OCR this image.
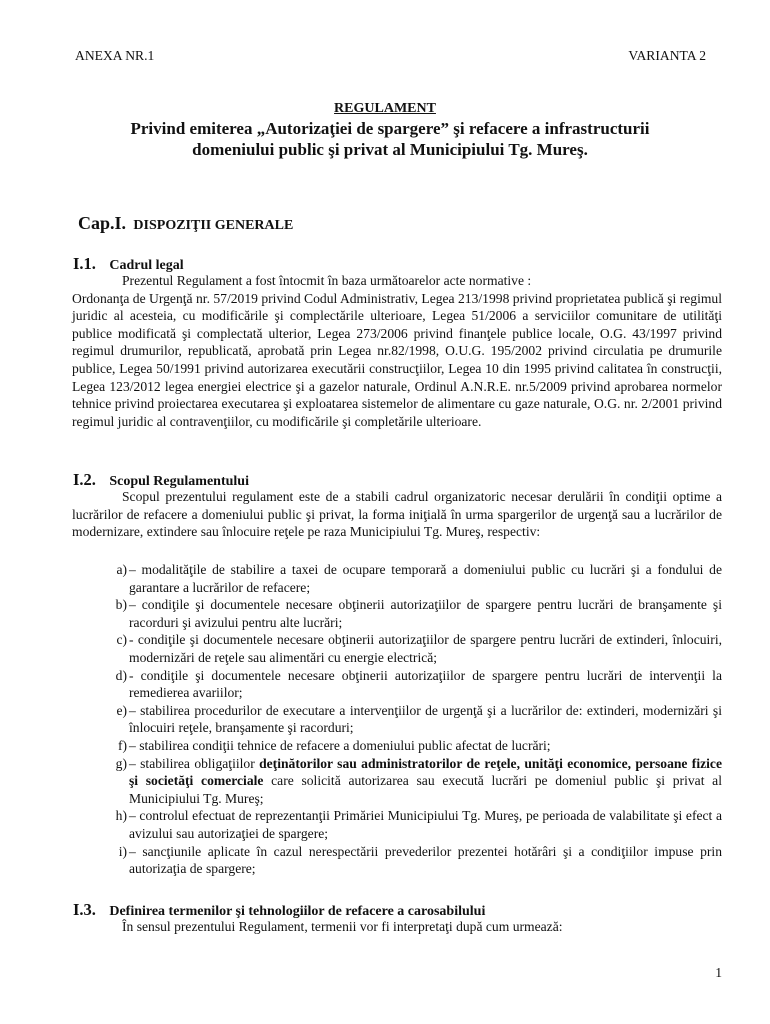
ANEXA NR.1	VARIANTA 2
REGULAMENT
Privind emiterea „Autorizaţiei de spargere” şi refacere a infrastructurii
domeniului public şi privat al Municipiului Tg. Mureş.
Cap.I. DISPOZIŢII GENERALE
I.1. Cadrul legal

Prezentul Regulament a fost întocmit în baza următoarelor acte normative :

Ordonanţa de Urgenţă nr. 57/2019 privind Codul Administrativ, Legea 213/1998 privind proprietatea publică şi regimul juridic al acesteia, cu modificările şi complectările ulterioare, Legea 51/2006 a serviciilor comunitare de utilităţi publice modificată şi complectată ulterior, Legea 273/2006 privind finanţele publice locale, O.G. 43/1997 privind regimul drumurilor, republicată, aprobată prin Legea nr.82/1998, O.U.G. 195/2002 privind circulatia pe drumurile publice, Legea 50/1991 privind autorizarea executării construcţiilor, Legea 10 din 1995 privind calitatea în construcţii, Legea 123/2012 legea energiei electrice şi a gazelor naturale, Ordinul A.N.R.E. nr.5/2009 privind aprobarea normelor tehnice privind proiectarea executarea şi exploatarea sistemelor de alimentare cu gaze naturale, O.G. nr. 2/2001 privind regimul juridic al contravenţiilor, cu modificările şi completările ulterioare.

I.2. Scopul Regulamentului

Scopul prezentului regulament este de a stabili cadrul organizatoric necesar derulării în condiţii optime a lucrărilor de refacere a domeniului public şi privat, la forma iniţială în urma spargerilor de urgenţă sau a lucrărilor de modernizare, extindere sau înlocuire reţele pe raza Municipiului Tg. Mureş, respectiv:

a) – modalităţile de stabilire a taxei de ocupare temporară a domeniului public cu lucrări şi a fondului de garantare a lucrărilor de refacere;
b) – condiţile şi documentele necesare obţinerii autorizaţiilor de spargere pentru lucrări de branşamente şi racorduri şi avizului pentru alte lucrări;
c) - condiţile şi documentele necesare obţinerii autorizaţiilor de spargere pentru lucrări de extinderi, înlocuiri, modernizări de reţele sau alimentări cu energie electrică;
d) - condiţile şi documentele necesare obţinerii autorizaţiilor de spargere pentru lucrări de intervenţii la remedierea avariilor;
e) – stabilirea procedurilor de executare a intervenţiilor de urgenţă şi a lucrărilor de: extinderi, modernizări şi înlocuiri reţele, branşamente şi racorduri;
f) – stabilirea condiţii tehnice de refacere a domeniului public afectat de lucrări;
g) – stabilirea obligaţiilor deţinătorilor sau administratorilor de reţele, unităţi economice, persoane fizice şi societăţi comerciale care solicită autorizarea sau execută lucrări pe domeniul public şi privat al Municipiului Tg. Mureş;
h) – controlul efectuat de reprezentanţii Primăriei Municipiului Tg. Mureş, pe perioada de valabilitate şi efect a avizului sau autorizaţiei de spargere;
i) – sancţiunile aplicate în cazul nerespectării prevederilor prezentei hotărâri şi a condiţiilor impuse prin autorizaţia de spargere;
I.3. Definirea termenilor şi tehnologiilor de refacere a carosabilului

În sensul prezentului Regulament, termenii vor fi interpretaţi după cum urmează:

1
